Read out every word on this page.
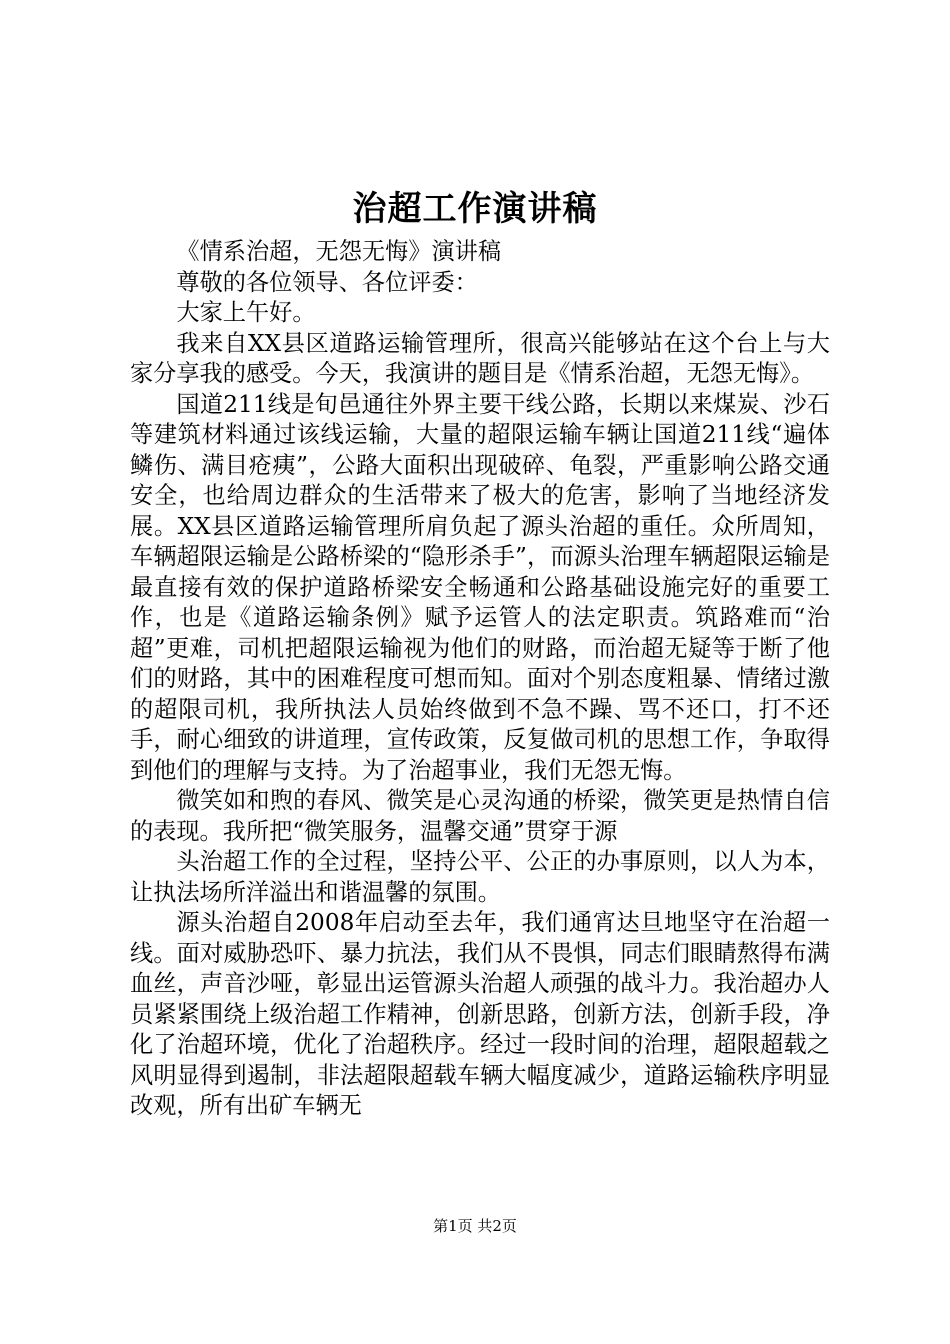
治超工作演讲稿

《情系治超，无怨无悔》演讲稿

尊敬的各位领导、各位评委：

大家上午好。

我来自XX县区道路运输管理所，很高兴能够站在这个台上与大家分享我的感受。今天，我演讲的题目是《情系治超，无怨无悔》。

国道211线是旬邑通往外界主要干线公路，长期以来煤炭、沙石等建筑材料通过该线运输，大量的超限运输车辆让国道211线“遍体鳞伤、满目疮痍”，公路大面积出现破碎、龟裂，严重影响公路交通安全，也给周边群众的生活带来了极大的危害，影响了当地经济发展。XX县区道路运输管理所肩负起了源头治超的重任。众所周知，车辆超限运输是公路桥梁的“隐形杀手”，而源头治理车辆超限运输是最直接有效的保护道路桥梁安全畅通和公路基础设施完好的重要工作，也是《道路运输条例》赋予运管人的法定职责。筑路难而“治超”更难，司机把超限运输视为他们的财路，而治超无疑等于断了他们的财路，其中的困难程度可想而知。面对个别态度粗暴、情绪过激的超限司机，我所执法人员始终做到不急不躁、骂不还口，打不还手，耐心细致的讲道理，宣传政策，反复做司机的思想工作，争取得到他们的理解与支持。为了治超事业，我们无怨无悔。

微笑如和煦的春风、微笑是心灵沟通的桥梁，微笑更是热情自信的表现。我所把“微笑服务，温馨交通”贯穿于源

头治超工作的全过程，坚持公平、公正的办事原则，以人为本，让执法场所洋溢出和谐温馨的氛围。

源头治超自2008年启动至去年，我们通宵达旦地坚守在治超一线。面对威胁恐吓、暴力抗法，我们从不畏惧，同志们眼睛熬得布满血丝，声音沙哑，彰显出运管源头治超人顽强的战斗力。我治超办人员紧紧围绕上级治超工作精神，创新思路，创新方法，创新手段，净化了治超环境，优化了治超秩序。经过一段时间的治理，超限超载之风明显得到遏制，非法超限超载车辆大幅度减少，道路运输秩序明显改观，所有出矿车辆无

第1页 共2页
